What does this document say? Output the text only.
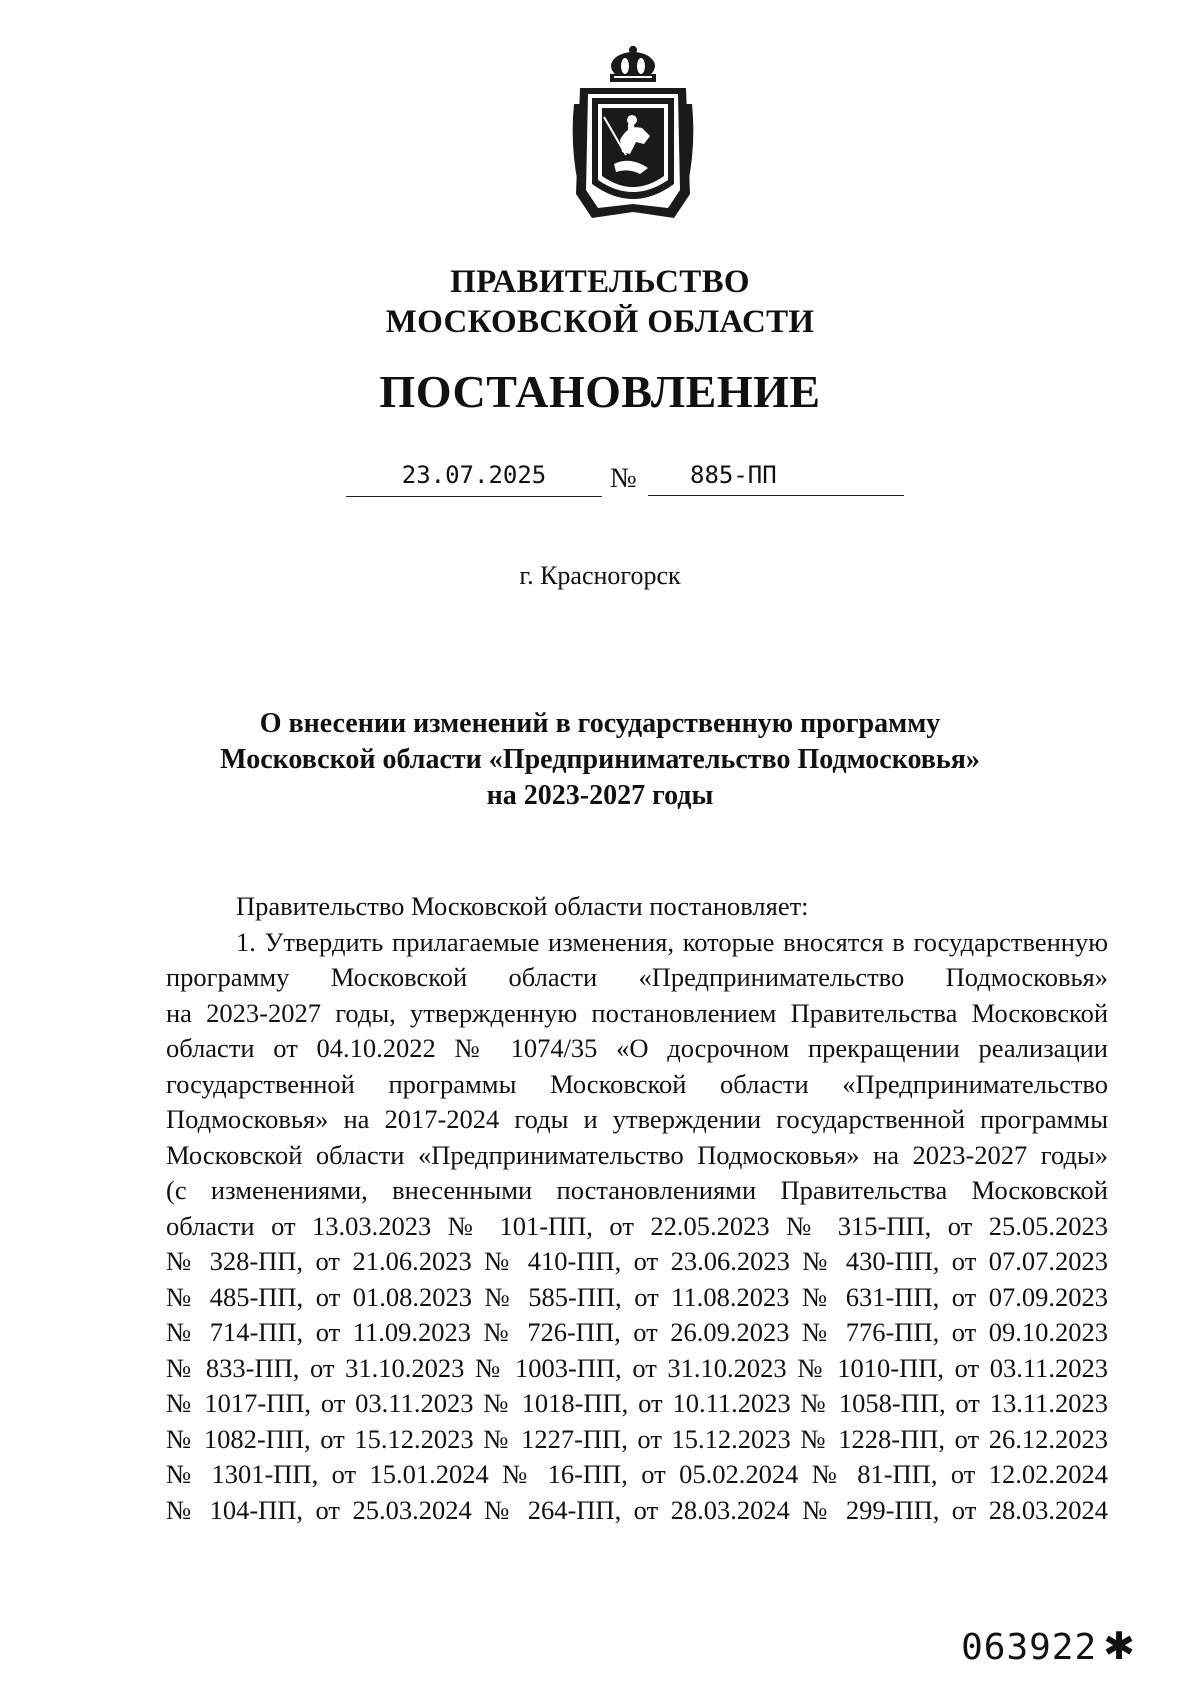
ПРАВИТЕЛЬСТВО
МОСКОВСКОЙ ОБЛАСТИ
ПОСТАНОВЛЕНИЕ
23.07.2025	№	885-ПП
г. Красногорск
О внесении изменений в государственную программу
Московской области «Предпринимательство Подмосковья»
на 2023-2027 годы
Правительство Московской области постановляет:
1. Утвердить прилагаемые изменения, которые вносятся в государственную
программу Московской области «Предпринимательство Подмосковья»
на 2023-2027 годы, утвержденную постановлением Правительства Московской
области от 04.10.2022 № 1074/35 «О досрочном прекращении реализации
государственной программы Московской области «Предпринимательство
Подмосковья» на 2017-2024 годы и утверждении государственной программы
Московской области «Предпринимательство Подмосковья» на 2023-2027 годы»
(с изменениями, внесенными постановлениями Правительства Московской
области от 13.03.2023 № 101-ПП, от 22.05.2023 № 315-ПП, от 25.05.2023
№ 328-ПП, от 21.06.2023 № 410-ПП, от 23.06.2023 № 430-ПП, от 07.07.2023
№ 485-ПП, от 01.08.2023 № 585-ПП, от 11.08.2023 № 631-ПП, от 07.09.2023
№ 714-ПП, от 11.09.2023 № 726-ПП, от 26.09.2023 № 776-ПП, от 09.10.2023
№ 833-ПП, от 31.10.2023 № 1003-ПП, от 31.10.2023 № 1010-ПП, от 03.11.2023
№ 1017-ПП, от 03.11.2023 № 1018-ПП, от 10.11.2023 № 1058-ПП, от 13.11.2023
№ 1082-ПП, от 15.12.2023 № 1227-ПП, от 15.12.2023 № 1228-ПП, от 26.12.2023
№ 1301-ПП, от 15.01.2024 № 16-ПП, от 05.02.2024 № 81-ПП, от 12.02.2024
№ 104-ПП, от 25.03.2024 № 264-ПП, от 28.03.2024 № 299-ПП, от 28.03.2024
063922 ✱
